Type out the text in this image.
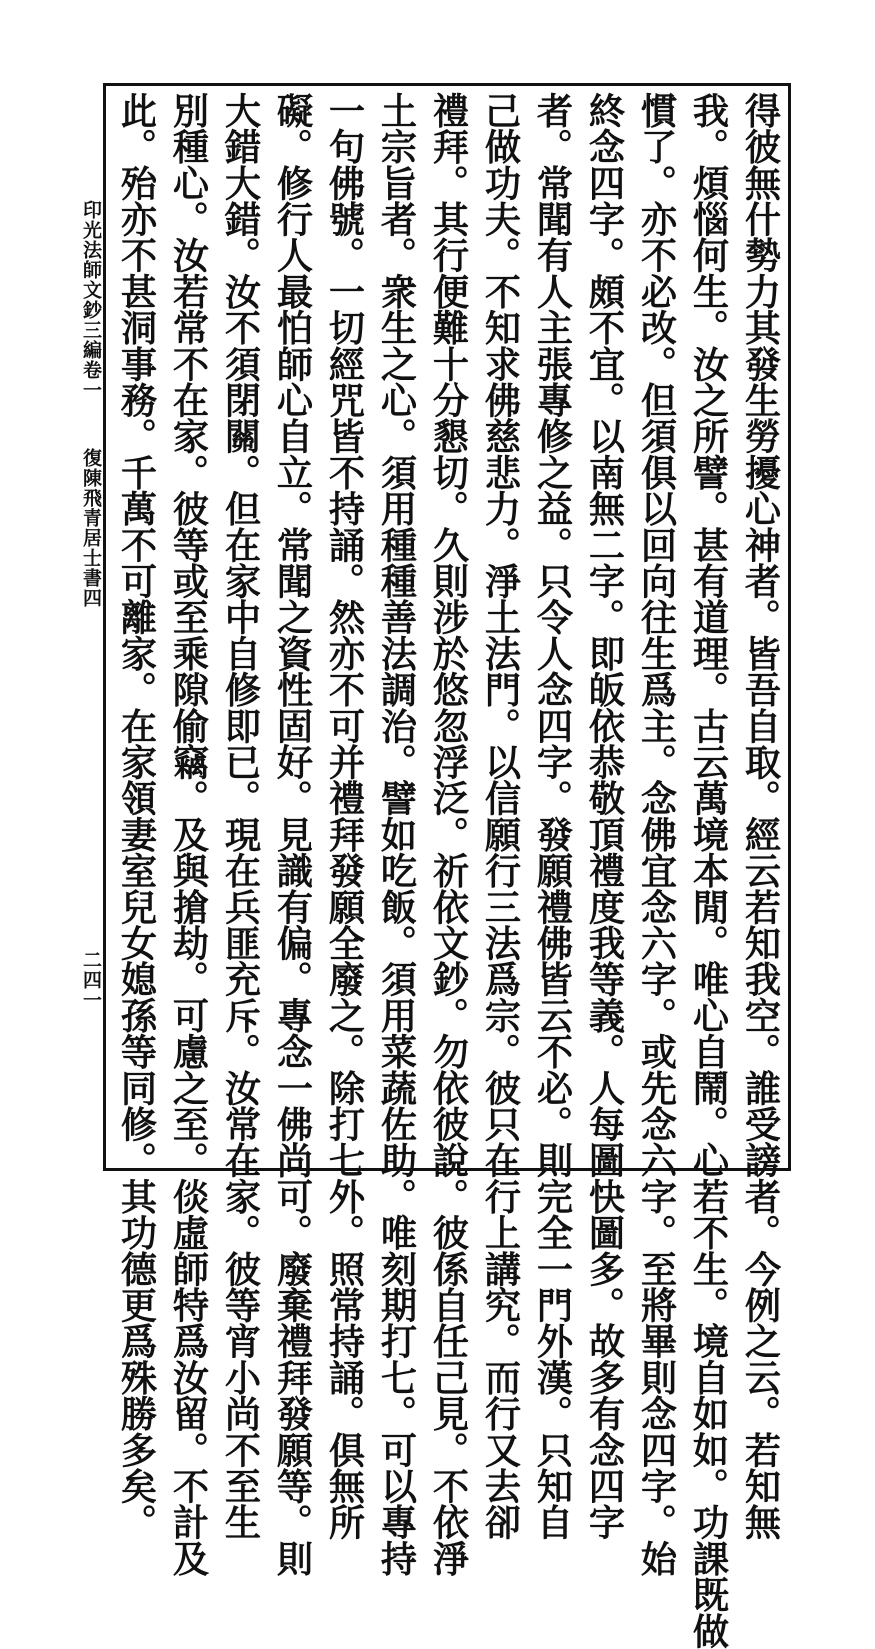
印光法師文鈔三編卷一
復陳飛青居士書四
二四一	得彼無什勢力其發生勞擾心神者。皆吾自取。經云若知我空。誰受謗者。今例之云。若知無
我。煩惱何生。汝之所譬。甚有道理。古云萬境本閒。唯心自鬧。心若不生。境自如如。功課既做
慣了。亦不必改。但須俱以回向往生爲主。念佛宜念六字。或先念六字。至將畢則念四字。始
終念四字。頗不宜。以南無二字。即皈依恭敬頂禮度我等義。人每圖快圖多。故多有念四字
者。常聞有人主張專修之益。只令人念四字。發願禮佛皆云不必。則完全一門外漢。只知自
己做功夫。不知求佛慈悲力。淨土法門。以信願行三法爲宗。彼只在行上講究。而行又去卻
禮拜。其行便難十分懇切。久則涉於悠忽浮泛。祈依文鈔。勿依彼說。彼係自任己見。不依淨
土宗旨者。衆生之心。須用種種善法調治。譬如吃飯。須用菜蔬佐助。唯刻期打七。可以專持
一句佛號。一切經咒皆不持誦。然亦不可并禮拜發願全廢之。除打七外。照常持誦。俱無所
礙。修行人最怕師心自立。常聞之資性固好。見識有偏。專念一佛尚可。廢棄禮拜發願等。則
大錯大錯。汝不須閉關。但在家中自修即已。現在兵匪充斥。汝常在家。彼等宵小尚不至生
別種心。汝若常不在家。彼等或至乘隙偷竊。及與搶劫。可慮之至。倓虛師特爲汝留。不計及
此。殆亦不甚洞事務。千萬不可離家。在家領妻室兒女媳孫等同修。其功德更爲殊勝多矣。
